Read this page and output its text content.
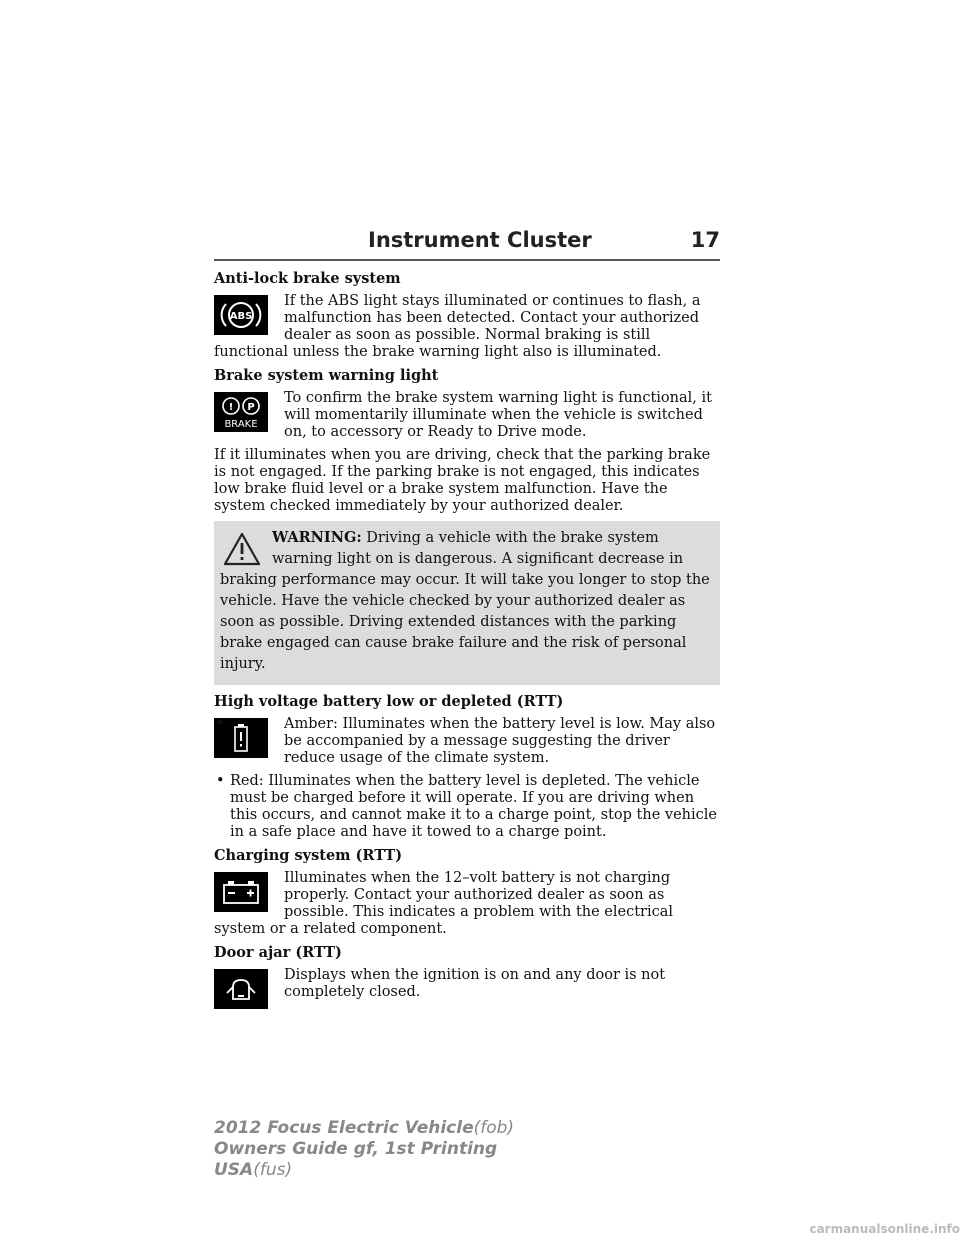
Instrument Cluster	17
Anti-lock brake system
ABS

If the ABS light stays illuminated or continues to flash, a malfunction has been detected. Contact your authorized dealer as soon as possible. Normal braking is still functional unless the brake warning light also is illuminated.

Brake system warning light
! P
BRAKE

To confirm the brake system warning light is functional, it will momentarily illuminate when the vehicle is switched on, to accessory or Ready to Drive mode.

If it illuminates when you are driving, check that the parking brake is not engaged. If the parking brake is not engaged, this indicates low brake fluid level or a brake system malfunction. Have the system checked immediately by your authorized dealer.

WARNING: Driving a vehicle with the brake system warning light on is dangerous. A significant decrease in braking performance may occur. It will take you longer to stop the vehicle. Have the vehicle checked by your authorized dealer as soon as possible. Driving extended distances with the parking brake engaged can cause brake failure and the risk of personal injury.
High voltage battery low or depleted (RTT)
•	Amber: Illuminates when the battery level is low. May also be accompanied by a message suggesting the driver reduce usage of the climate system.
• Red: Illuminates when the battery level is depleted. The vehicle must be charged before it will operate. If you are driving when this occurs, and cannot make it to a charge point, stop the vehicle in a safe place and have it towed to a charge point.
Charging system (RTT)

Illuminates when the 12–volt battery is not charging properly. Contact your authorized dealer as soon as possible. This indicates a problem with the electrical system or a related component.

Door ajar (RTT)

Displays when the ignition is on and any door is not completely closed.

2012 Focus Electric Vehicle(fob)
Owners Guide gf, 1st Printing
USA(fus)
carmanualsonline.info
